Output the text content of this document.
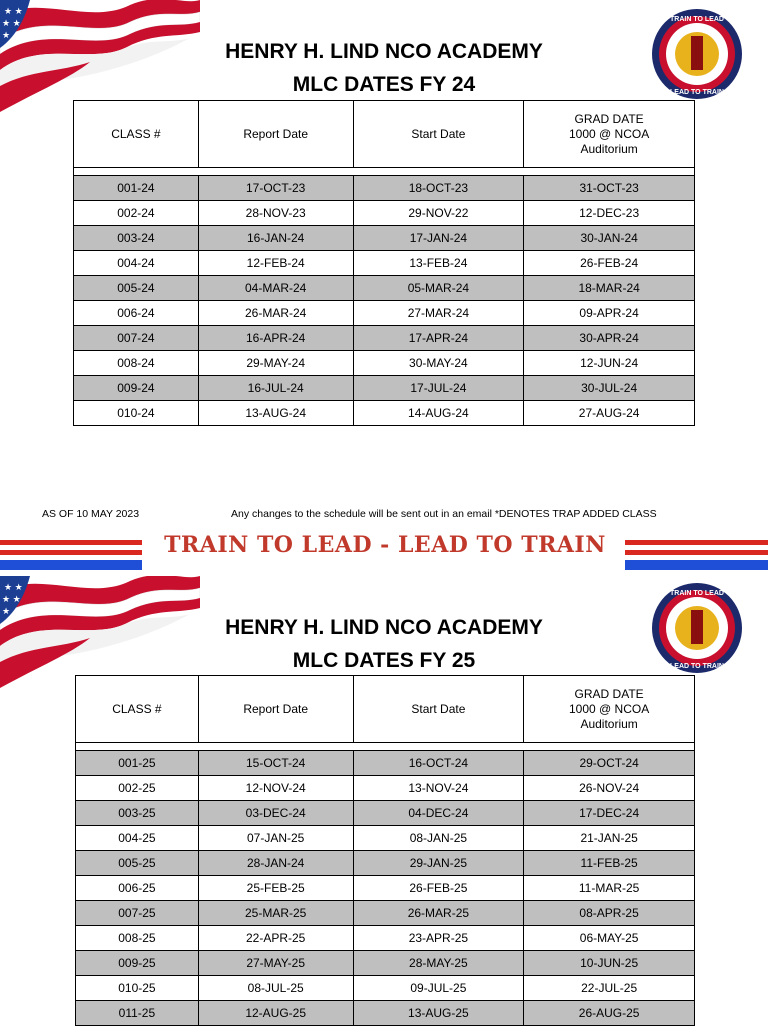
★ ★
★ ★
★
TRAIN TO LEAD
LEAD TO TRAIN
HENRY H. LIND NCO ACADEMY
MLC DATES FY 24
CLASS #	Report Date	Start Date	GRAD DATE
1000 @ NCOA
Auditorium

001-24	17-OCT-23	18-OCT-23	31-OCT-23
002-24	28-NOV-23	29-NOV-22	12-DEC-23
003-24	16-JAN-24	17-JAN-24	30-JAN-24
004-24	12-FEB-24	13-FEB-24	26-FEB-24
005-24	04-MAR-24	05-MAR-24	18-MAR-24
006-24	26-MAR-24	27-MAR-24	09-APR-24
007-24	16-APR-24	17-APR-24	30-APR-24
008-24	29-MAY-24	30-MAY-24	12-JUN-24
009-24	16-JUL-24	17-JUL-24	30-JUL-24
010-24	13-AUG-24	14-AUG-24	27-AUG-24
AS OF 10 MAY 2023	Any changes to the schedule will be sent out in an email *DENOTES TRAP ADDED CLASS
TRAIN TO LEAD - LEAD TO TRAIN
★ ★
★ ★
★
TRAIN TO LEAD
LEAD TO TRAIN
HENRY H. LIND NCO ACADEMY
MLC DATES FY 25
CLASS #	Report Date	Start Date	GRAD DATE
1000 @ NCOA
Auditorium

001-25	15-OCT-24	16-OCT-24	29-OCT-24
002-25	12-NOV-24	13-NOV-24	26-NOV-24
003-25	03-DEC-24	04-DEC-24	17-DEC-24
004-25	07-JAN-25	08-JAN-25	21-JAN-25
005-25	28-JAN-24	29-JAN-25	11-FEB-25
006-25	25-FEB-25	26-FEB-25	11-MAR-25
007-25	25-MAR-25	26-MAR-25	08-APR-25
008-25	22-APR-25	23-APR-25	06-MAY-25
009-25	27-MAY-25	28-MAY-25	10-JUN-25
010-25	08-JUL-25	09-JUL-25	22-JUL-25
011-25	12-AUG-25	13-AUG-25	26-AUG-25
